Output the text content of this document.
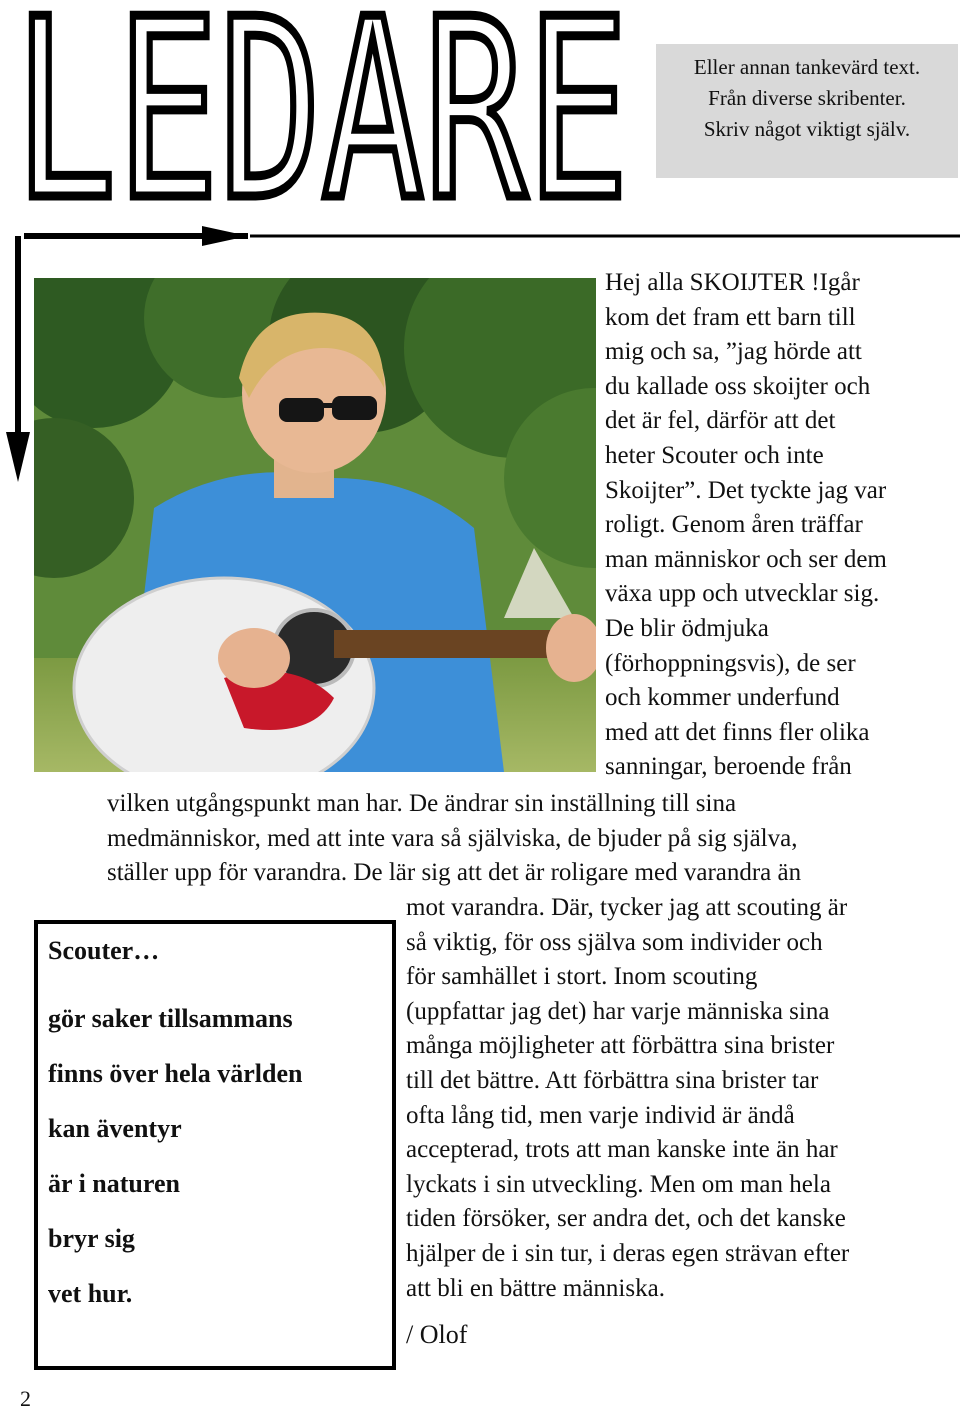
LEDARE	Eller annan tankevärd text.
Från diverse skribenter.
Skriv något viktigt själv.
Hej alla SKOIJTER !Igår
kom det fram ett barn till
mig och sa, ”jag hörde att
du kallade oss skoijter och
det är fel, därför att det
heter Scouter och inte
Skoijter”. Det tyckte jag var
roligt. Genom åren träffar
man människor och ser dem
växa upp och utvecklar sig.
De blir ödmjuka
(förhoppningsvis), de ser
och kommer underfund
med att det finns fler olika
sanningar, beroende från
vilken utgångspunkt man har. De ändrar sin inställning till sina
medmänniskor, med att inte vara så själviska, de bjuder på sig själva,
ställer upp för varandra. De lär sig att det är roligare med varandra än
mot varandra. Där, tycker jag att scouting är
så viktig, för oss själva som individer och
för samhället i stort. Inom scouting
(uppfattar jag det) har varje människa sina
många möjligheter att förbättra sina brister
till det bättre. Att förbättra sina brister tar
ofta lång tid, men varje individ är ändå
accepterad, trots att man kanske inte än har
lyckats i sin utveckling. Men om man hela
tiden försöker, ser andra det, och det kanske
hjälper de i sin tur, i deras egen strävan efter
att bli en bättre människa.
/ Olof
Scouter…
gör saker tillsammans
finns över hela världen
kan äventyr
är i naturen
bryr sig
vet hur.
2
